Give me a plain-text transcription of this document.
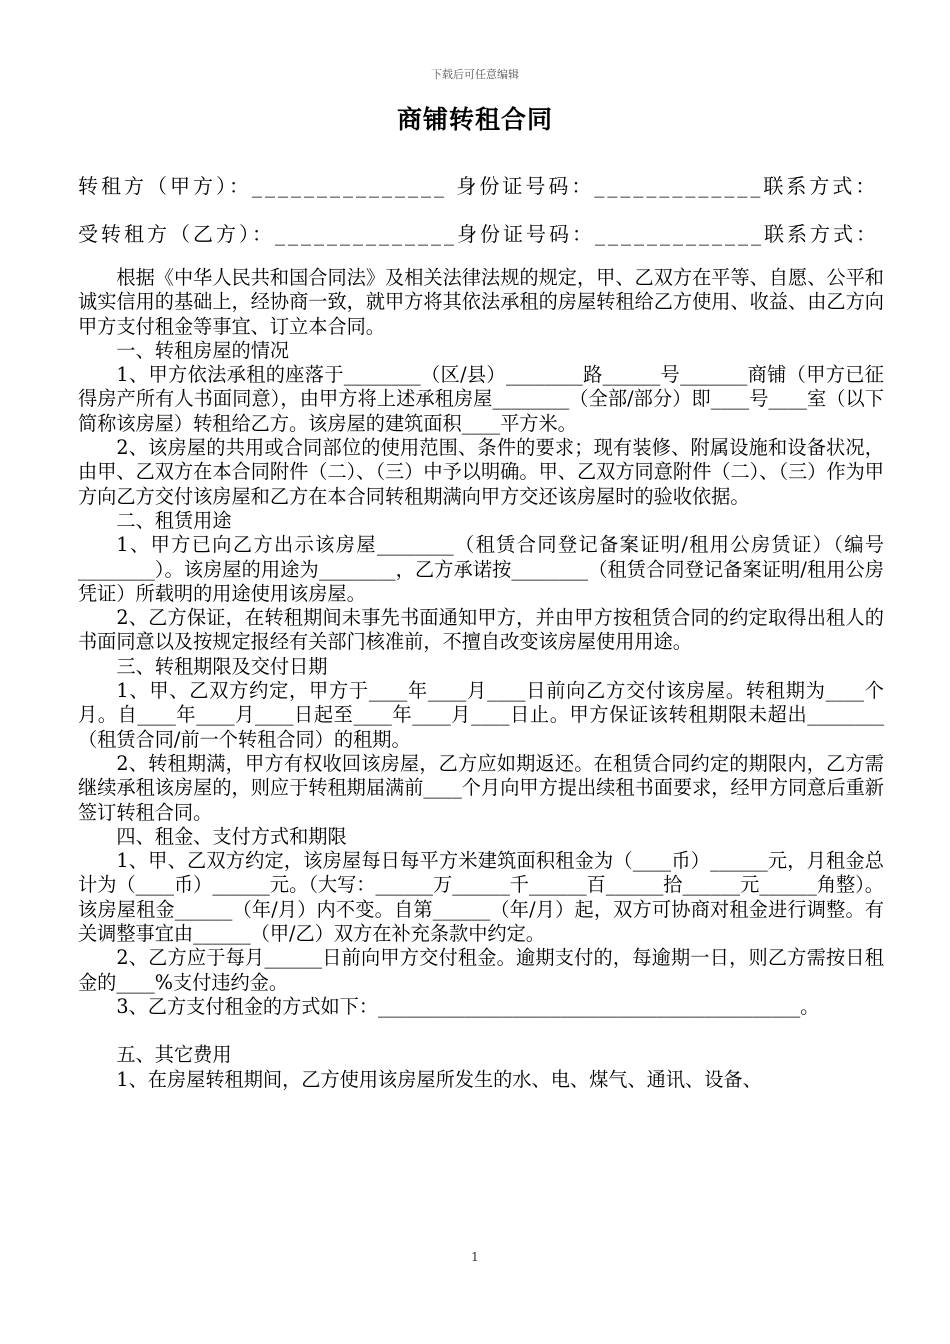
下载后可任意编辑
商铺转租合同
转租方（甲方）：_______________ 身份证号码：_____________联系方式：
受转租方（乙方）：______________身份证号码：_____________联系方式：

根据《中华人民共和国合同法》及相关法律法规的规定，甲、乙双方在平等、自愿、公平和诚实信用的基础上，经协商一致，就甲方将其依法承租的房屋转租给乙方使用、收益、由乙方向甲方支付租金等事宜、订立本合同。

一、转租房屋的情况

1、甲方依法承租的座落于________（区/县）________路______号_______商铺（甲方已征得房产所有人书面同意），由甲方将上述承租房屋________（全部/部分）即____号____室（以下简称该房屋）转租给乙方。该房屋的建筑面积____平方米。

2、该房屋的共用或合同部位的使用范围、条件的要求；现有装修、附属设施和设备状况，由甲、乙双方在本合同附件（二）、（三）中予以明确。甲、乙双方同意附件（二）、（三）作为甲方向乙方交付该房屋和乙方在本合同转租期满向甲方交还该房屋时的验收依据。

二、租赁用途

1、甲方已向乙方出示该房屋________（租赁合同登记备案证明/租用公房赁证）（编号________）。该房屋的用途为________，乙方承诺按________（租赁合同登记备案证明/租用公房凭证）所载明的用途使用该房屋。

2、乙方保证，在转租期间未事先书面通知甲方，并由甲方按租赁合同的约定取得出租人的书面同意以及按规定报经有关部门核准前，不擅自改变该房屋使用用途。

三、转租期限及交付日期

1、甲、乙双方约定，甲方于____年____月____日前向乙方交付该房屋。转租期为____个月。自____年____月____日起至____年____月____日止。甲方保证该转租期限未超出________（租赁合同/前一个转租合同）的租期。

2、转租期满，甲方有权收回该房屋，乙方应如期返还。在租赁合同约定的期限内，乙方需继续承租该房屋的，则应于转租期届满前____个月向甲方提出续租书面要求，经甲方同意后重新签订转租合同。

四、租金、支付方式和期限

1、甲、乙双方约定，该房屋每日每平方米建筑面积租金为（____币）______元，月租金总计为（____币）______元。（大写：______万______千______百______拾______元______角整）。        该房屋租金______（年/月）内不变。自第______（年/月）起，双方可协商对租金进行调整。有关调整事宜由______（甲/乙）双方在补充条款中约定。

2、乙方应于每月______日前向甲方交付租金。逾期支付的，每逾期一日，则乙方需按日租金的____%支付违约金。

3、乙方支付租金的方式如下：____________________________________________。

五、其它费用

1、在房屋转租期间，乙方使用该房屋所发生的水、电、煤气、通讯、设备、

1
